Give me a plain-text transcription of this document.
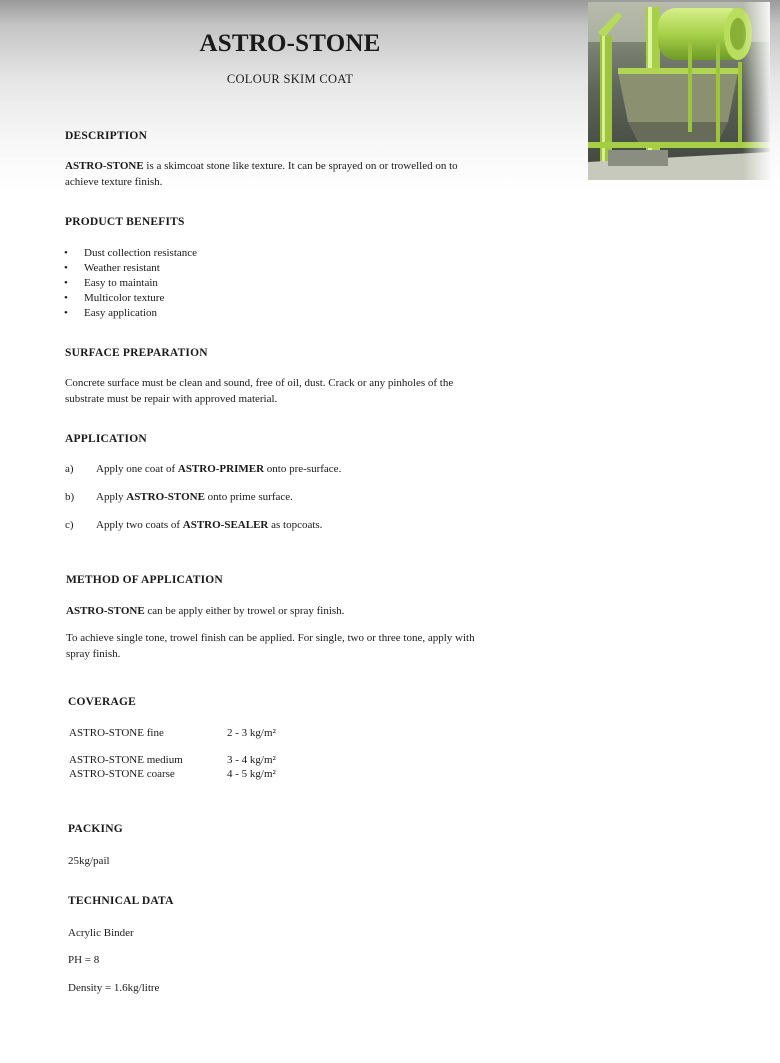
ASTRO-STONE
COLOUR SKIM COAT
DESCRIPTION
ASTRO-STONE is a skimcoat stone like texture. It can be sprayed on or trowelled on to
achieve texture finish.
PRODUCT BENEFITS
• Dust collection resistance
• Weather resistant
• Easy to maintain
• Multicolor texture
• Easy application
SURFACE PREPARATION
Concrete surface must be clean and sound, free of oil, dust. Crack or any pinholes of the
substrate must be repair with approved material.
APPLICATION
a) Apply one coat of ASTRO-PRIMER onto pre-surface.
b) Apply ASTRO-STONE onto prime surface.
c) Apply two coats of ASTRO-SEALER as topcoats.
METHOD OF APPLICATION
ASTRO-STONE can be apply either by trowel or spray finish.
To achieve single tone, trowel finish can be applied. For single, two or three tone, apply with
spray finish.
COVERAGE
ASTRO-STONE fine	2 - 3 kg/m²
ASTRO-STONE medium	3 - 4 kg/m²
ASTRO-STONE coarse	4 - 5 kg/m²
PACKING
25kg/pail
TECHNICAL DATA
Acrylic Binder
PH = 8
Density = 1.6kg/litre
